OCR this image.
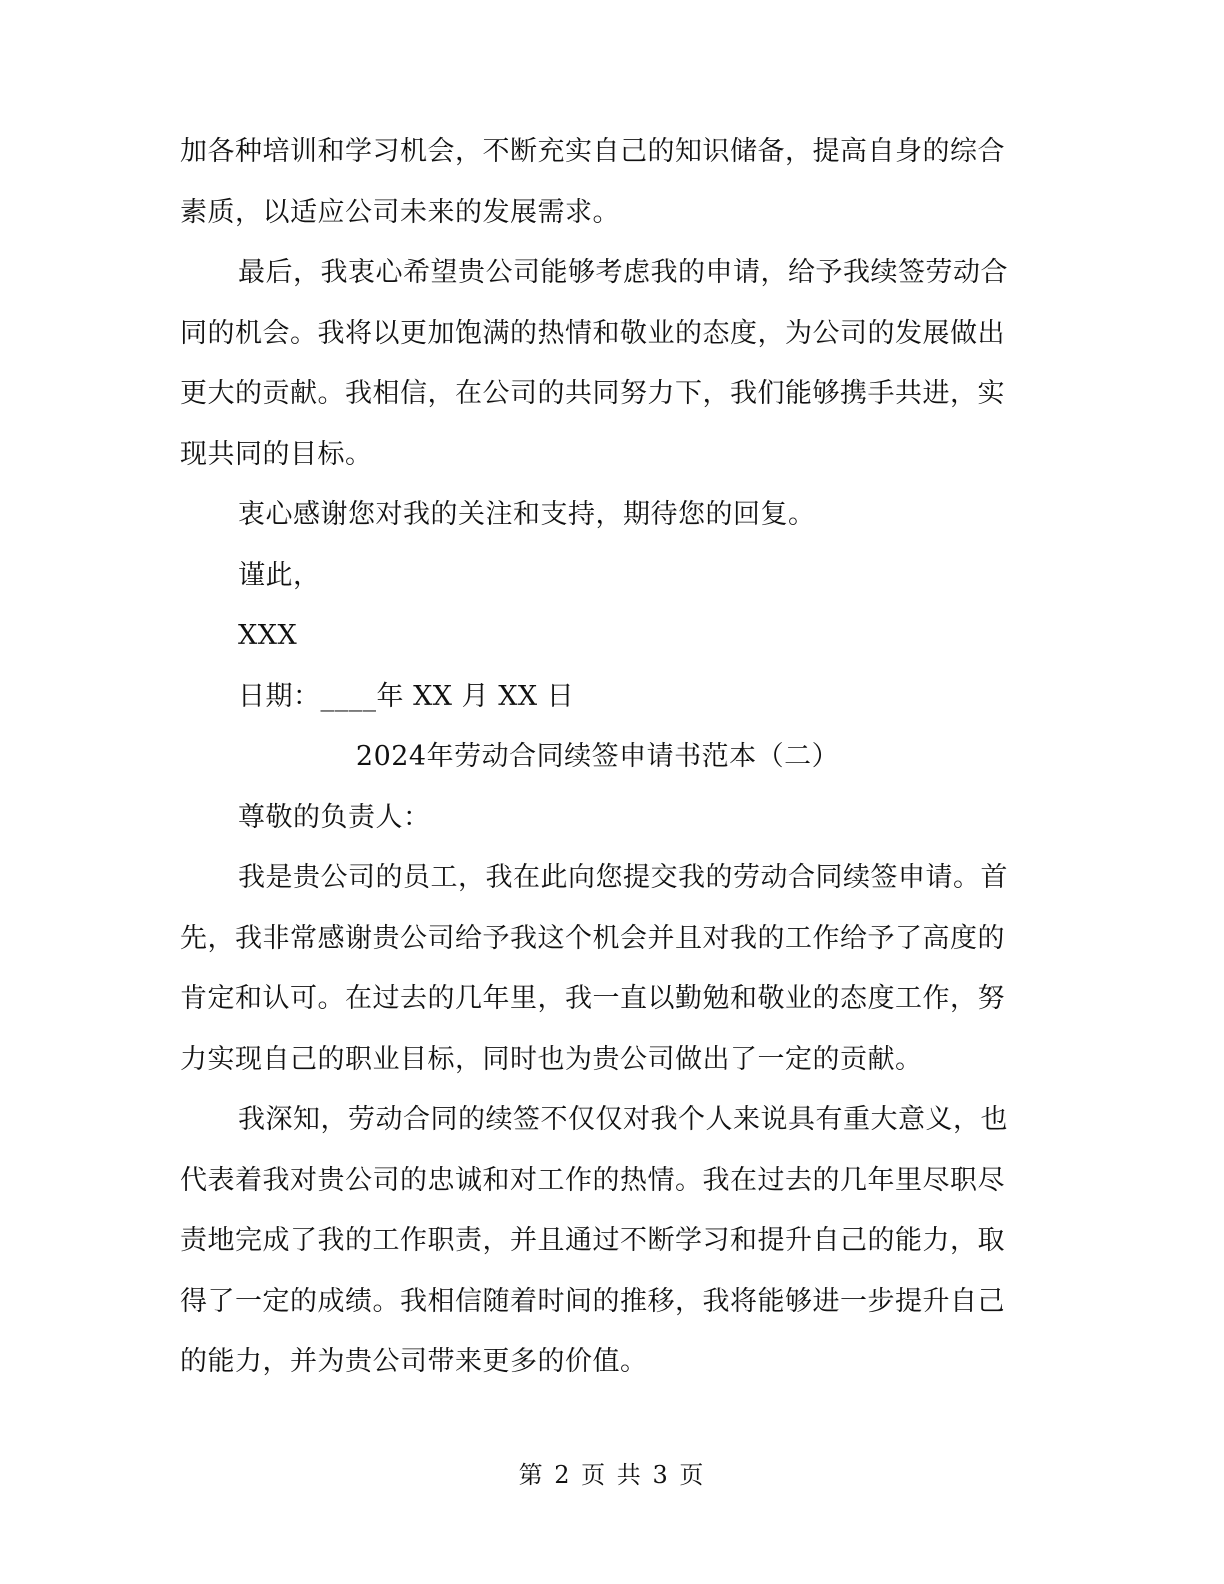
加各种培训和学习机会，不断充实自己的知识储备，提高自身的综合素质，以适应公司未来的发展需求。

最后，我衷心希望贵公司能够考虑我的申请，给予我续签劳动合同的机会。我将以更加饱满的热情和敬业的态度，为公司的发展做出更大的贡献。我相信，在公司的共同努力下，我们能够携手共进，实现共同的目标。

衷心感谢您对我的关注和支持，期待您的回复。

谨此，

XXX

日期：____年 XX 月 XX 日

2024年劳动合同续签申请书范本（二）

尊敬的负责人：

我是贵公司的员工，我在此向您提交我的劳动合同续签申请。首先，我非常感谢贵公司给予我这个机会并且对我的工作给予了高度的肯定和认可。在过去的几年里，我一直以勤勉和敬业的态度工作，努力实现自己的职业目标，同时也为贵公司做出了一定的贡献。

我深知，劳动合同的续签不仅仅对我个人来说具有重大意义，也代表着我对贵公司的忠诚和对工作的热情。我在过去的几年里尽职尽责地完成了我的工作职责，并且通过不断学习和提升自己的能力，取得了一定的成绩。我相信随着时间的推移，我将能够进一步提升自己的能力，并为贵公司带来更多的价值。

第 2 页 共 3 页
